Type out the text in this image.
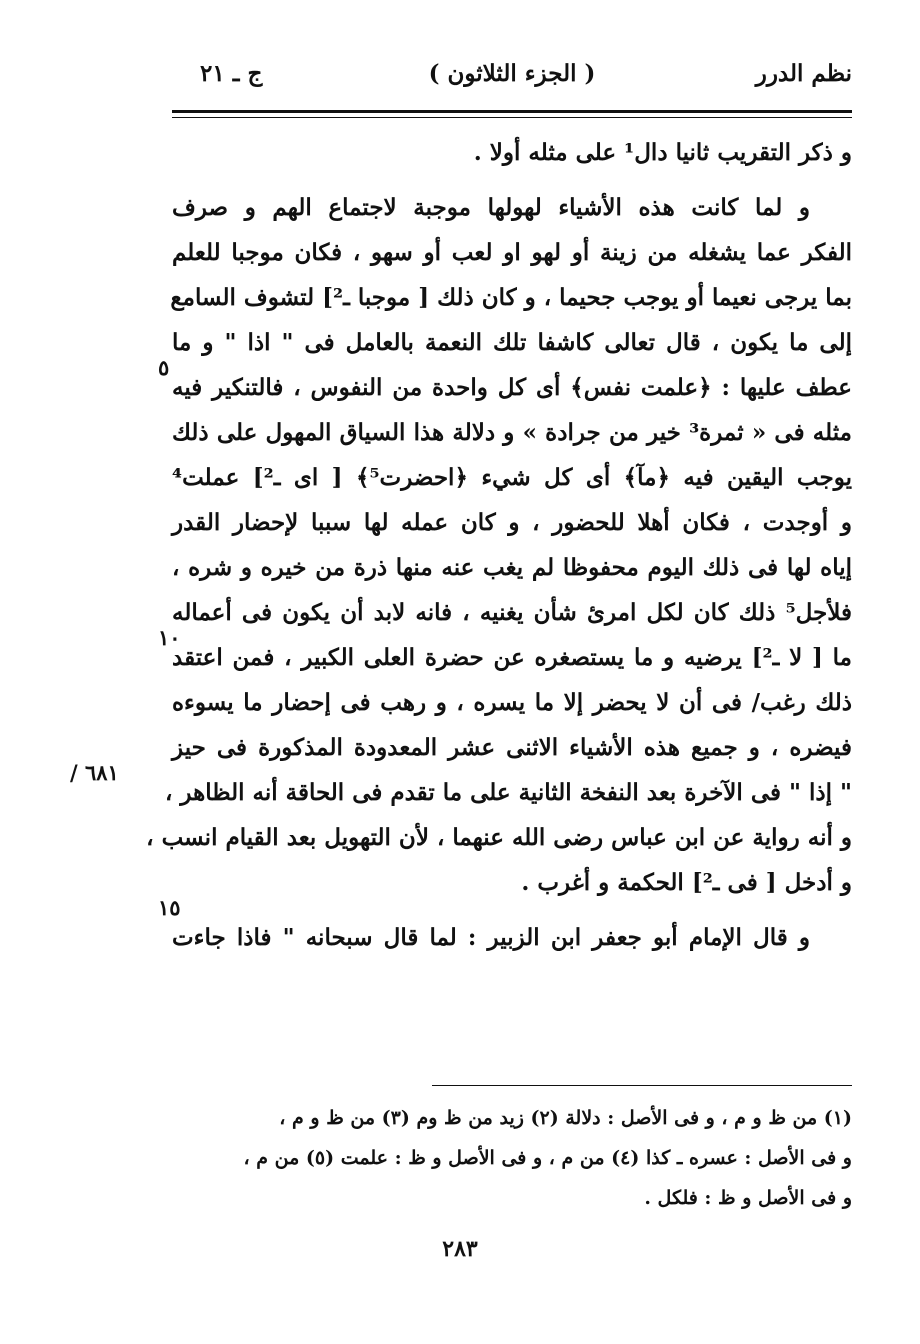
نظم الدرر
( الجزء الثلاثون )
ج ـ ٢١
و ذكر التقريب ثانيا دال¹ على مثله أولا .
و لما كانت هذه الأشياء لهولها موجبة لاجتماع الهم و صرف
الفكر عما يشغله من زينة أو لهو او لعب أو سهو ، فكان موجبا للعلم
بما يرجى نعيما أو يوجب جحيما ، و كان ذلك [ موجبا ـ²] لتشوف السامع
إلى ما يكون ، قال تعالى كاشفا تلك النعمة بالعامل فى " اذا " و ما
عطف عليها : ﴿علمت نفس﴾ أى كل واحدة من النفوس ، فالتنكير فيه
مثله فى « ثمرة³ خير من جرادة » و دلالة هذا السياق المهول على ذلك
يوجب اليقين فيه ﴿مآ﴾ أى كل شيء ﴿احضرت⁵﴾ [ اى ـ²] عملت⁴
و أوجدت ، فكان أهلا للحضور ، و كان عمله لها سببا لإحضار القدر
إياه لها فى ذلك اليوم محفوظا لم يغب عنه منها ذرة من خيره و شره ،
فلأجل⁵ ذلك كان لكل امرئ شأن يغنيه ، فانه لابد أن يكون فى أعماله
ما [ لا ـ²] يرضيه و ما يستصغره عن حضرة العلى الكبير ، فمن اعتقد
ذلك رغب/ فى أن لا يحضر إلا ما يسره ، و رهب فى إحضار ما يسوءه
فيضره ، و جميع هذه الأشياء الاثنى عشر المعدودة المذكورة فى حيز
" إذا " فى الآخرة بعد النفخة الثانية على ما تقدم فى الحاقة أنه الظاهر ،
و أنه رواية عن ابن عباس رضى الله عنهما ، لأن التهويل بعد القيام انسب ،
و أدخل [ فى ـ²] الحكمة و أغرب .
و قال الإمام أبو جعفر ابن الزبير : لما قال سبحانه " فاذا جاءت
٥
١٠
١٥
/ ٦٨١
(١) من ظ و م ، و فى الأصل : دلالة (٢) زيد من ظ وم (٣) من ظ و م ،
و فى الأصل : عسره ـ كذا (٤) من م ، و فى الأصل و ظ : علمت (٥) من م ،
و فى الأصل و ظ : فلكل .
٢٨٣
